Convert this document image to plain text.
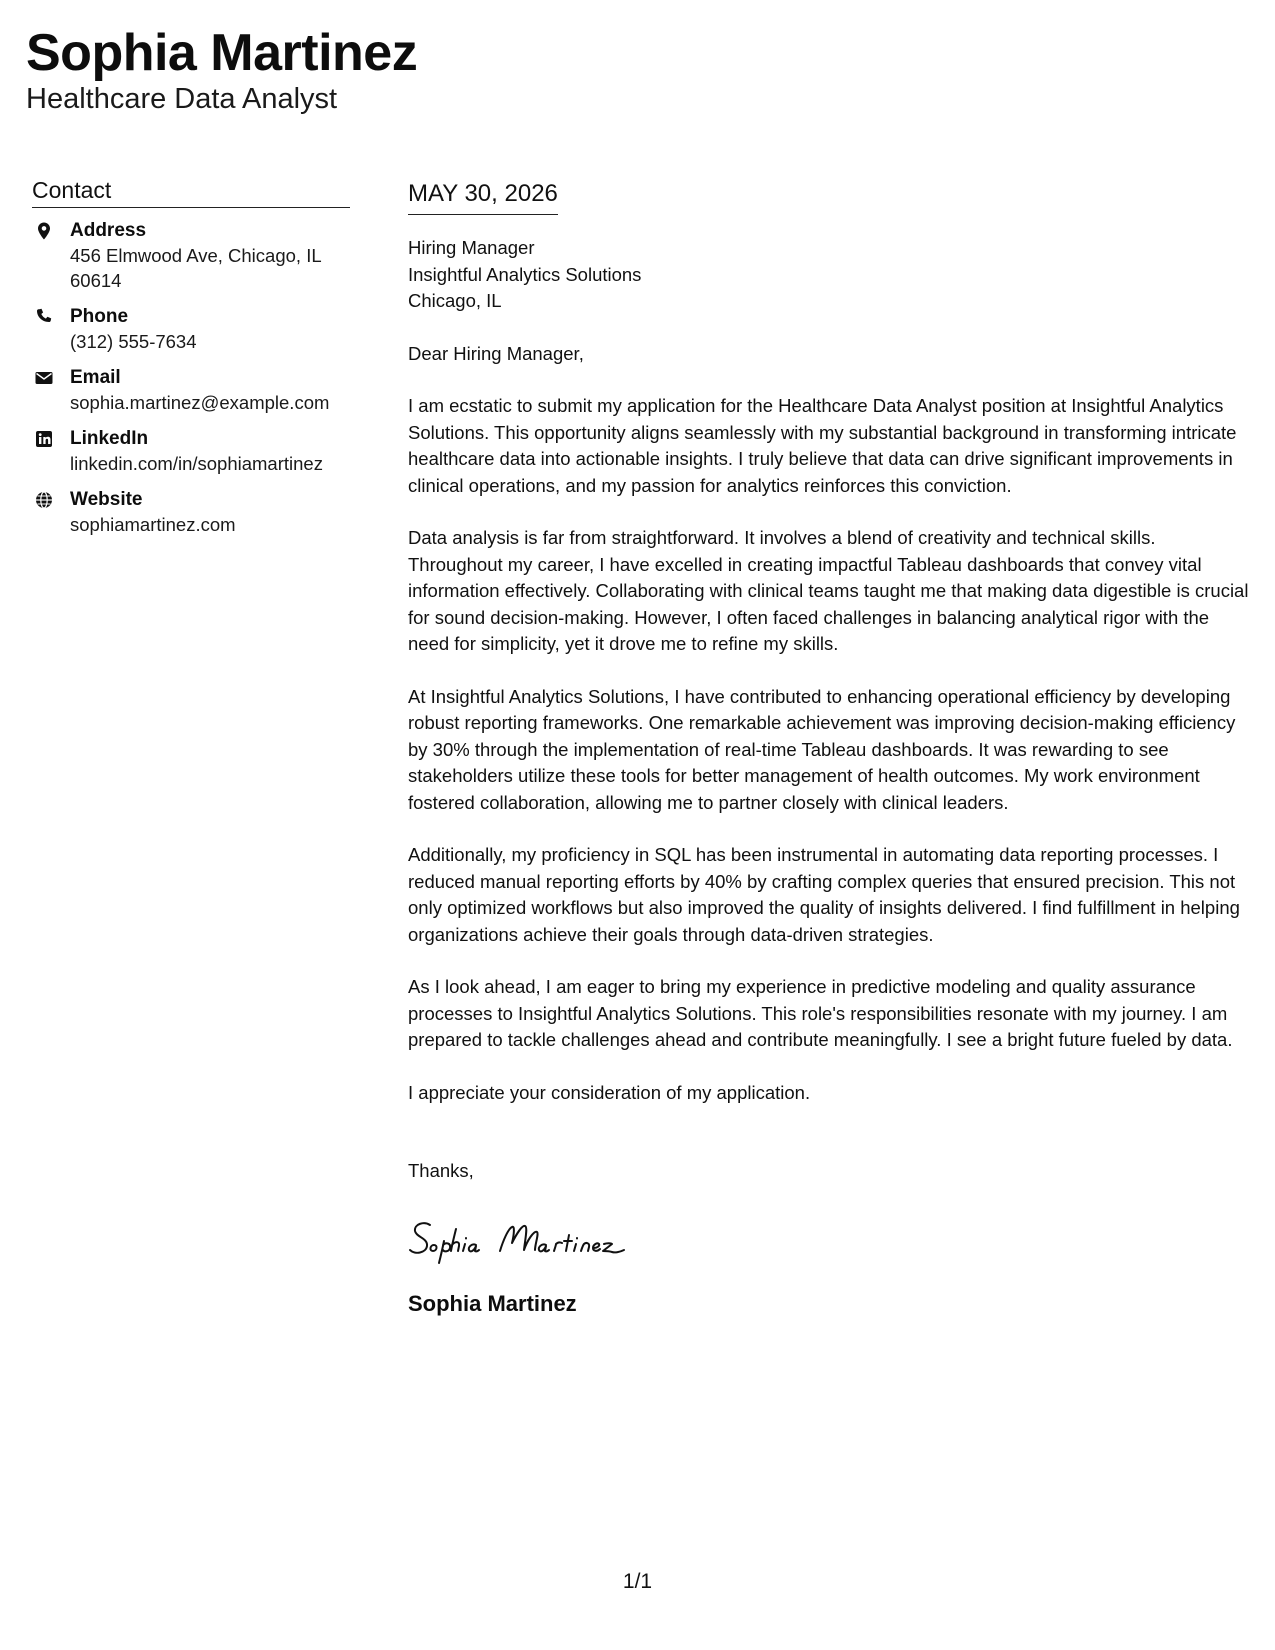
Sophia Martinez
Healthcare Data Analyst
Contact
Address
456 Elmwood Ave, Chicago, IL 60614
Phone
(312) 555-7634
Email
sophia.martinez@example.com
LinkedIn
linkedin.com/in/sophiamartinez
Website
sophiamartinez.com
MAY 30, 2026
Hiring Manager
Insightful Analytics Solutions
Chicago, IL
Dear Hiring Manager,
I am ecstatic to submit my application for the Healthcare Data Analyst position at Insightful Analytics Solutions. This opportunity aligns seamlessly with my substantial background in transforming intricate healthcare data into actionable insights. I truly believe that data can drive significant improvements in clinical operations, and my passion for analytics reinforces this conviction.
Data analysis is far from straightforward. It involves a blend of creativity and technical skills. Throughout my career, I have excelled in creating impactful Tableau dashboards that convey vital information effectively. Collaborating with clinical teams taught me that making data digestible is crucial for sound decision-making. However, I often faced challenges in balancing analytical rigor with the need for simplicity, yet it drove me to refine my skills.
At Insightful Analytics Solutions, I have contributed to enhancing operational efficiency by developing robust reporting frameworks. One remarkable achievement was improving decision-making efficiency by 30% through the implementation of real-time Tableau dashboards. It was rewarding to see stakeholders utilize these tools for better management of health outcomes. My work environment fostered collaboration, allowing me to partner closely with clinical leaders.
Additionally, my proficiency in SQL has been instrumental in automating data reporting processes. I reduced manual reporting efforts by 40% by crafting complex queries that ensured precision. This not only optimized workflows but also improved the quality of insights delivered. I find fulfillment in helping organizations achieve their goals through data-driven strategies.
As I look ahead, I am eager to bring my experience in predictive modeling and quality assurance processes to Insightful Analytics Solutions. This role's responsibilities resonate with my journey. I am prepared to tackle challenges ahead and contribute meaningfully. I see a bright future fueled by data.
I appreciate your consideration of my application.
Thanks,
Sophia Martinez
1/1
